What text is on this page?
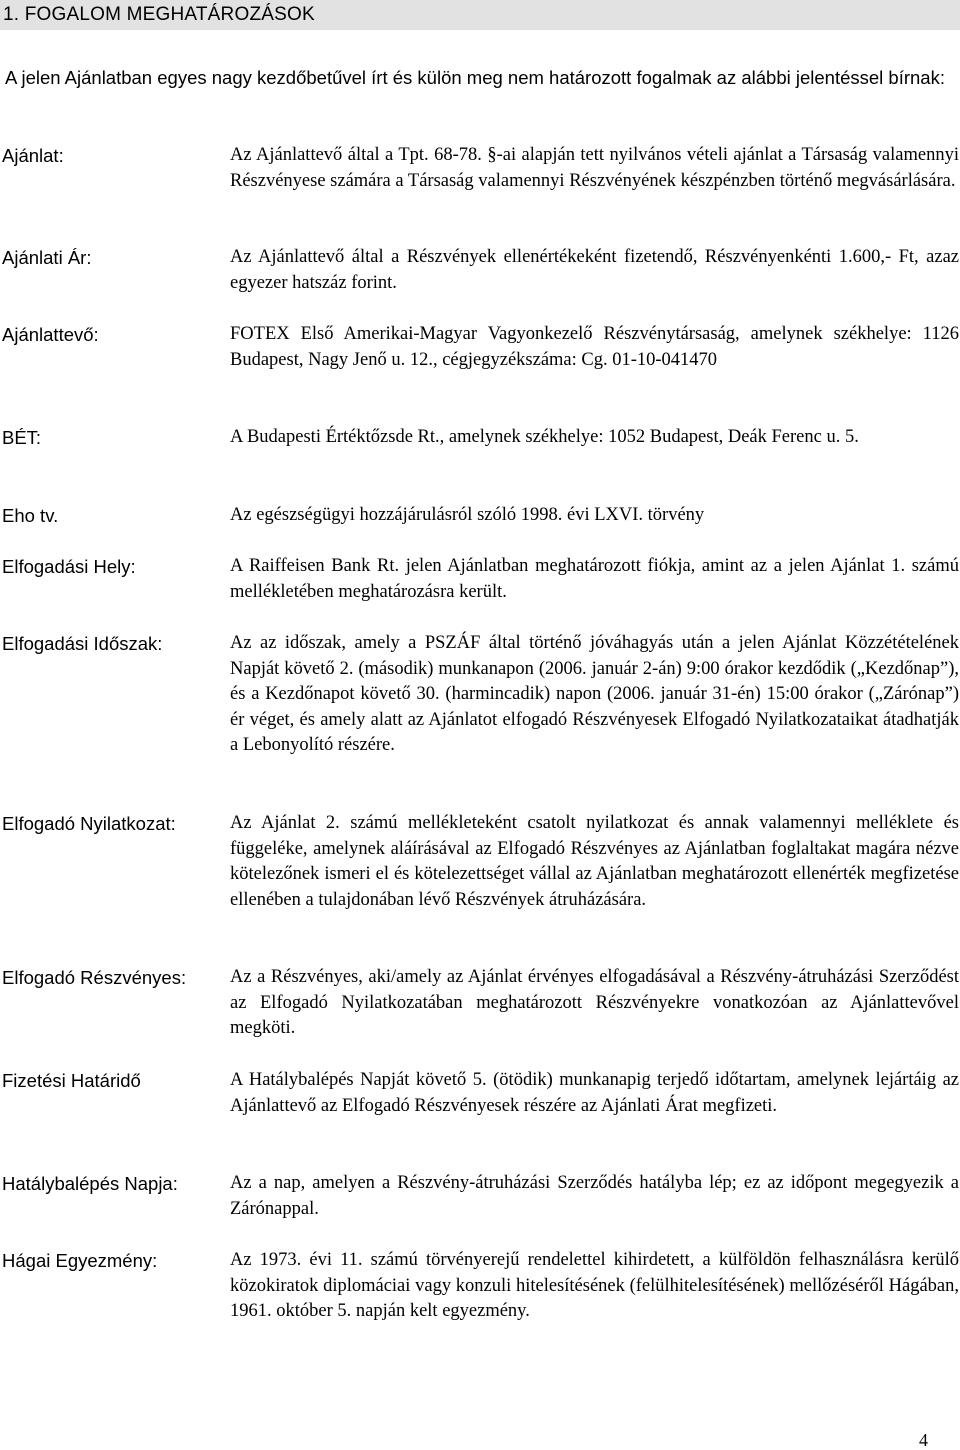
1. FOGALOM MEGHATÁROZÁSOK
A jelen Ajánlatban egyes nagy kezdőbetűvel írt és külön meg nem határozott fogalmak az alábbi jelentéssel bírnak:
Ajánlat:	Az Ajánlattevő által a Tpt. 68-78. §-ai alapján tett nyilvános vételi ajánlat a Társaság valamennyi Részvényese számára a Társaság valamennyi Részvényének készpénzben történő megvásárlására.
Ajánlati Ár:	Az Ajánlattevő által a Részvények ellenértékeként fizetendő, Részvényenkénti 1.600,- Ft, azaz egyezer hatszáz forint.
Ajánlattevő:	FOTEX Első Amerikai-Magyar Vagyonkezelő Részvénytársaság, amelynek székhelye: 1126 Budapest, Nagy Jenő u. 12., cégjegyzékszáma: Cg. 01-10-041470
BÉT:	A Budapesti Értéktőzsde Rt., amelynek székhelye: 1052 Budapest, Deák Ferenc u. 5.
Eho tv.	Az egészségügyi hozzájárulásról szóló 1998. évi LXVI. törvény
Elfogadási Hely:	A Raiffeisen Bank Rt. jelen Ajánlatban meghatározott fiókja, amint az a jelen Ajánlat 1. számú mellékletében meghatározásra került.
Elfogadási Időszak:	Az az időszak, amely a PSZÁF által történő jóváhagyás után a jelen Ajánlat Közzétételének Napját követő 2. (második) munkanapon (2006. január 2-án) 9:00 órakor kezdődik („Kezdőnap”), és a Kezdőnapot követő 30. (harmincadik) napon (2006. január 31-én) 15:00 órakor („Zárónap”) ér véget, és amely alatt az Ajánlatot elfogadó Részvényesek Elfogadó Nyilatkozataikat átadhatják a Lebonyolító részére.
Elfogadó Nyilatkozat:	Az Ajánlat 2. számú mellékleteként csatolt nyilatkozat és annak valamennyi melléklete és függeléke, amelynek aláírásával az Elfogadó Részvényes az Ajánlatban foglaltakat magára nézve kötelezőnek ismeri el és kötelezettséget vállal az Ajánlatban meghatározott ellenérték megfizetése ellenében a tulajdonában lévő Részvények átruházására.
Elfogadó Részvényes: Az a Részvényes, aki/amely az Ajánlat érvényes elfogadásával a Részvény-átruházási Szerződést az Elfogadó Nyilatkozatában meghatározott Részvényekre vonatkozóan az Ajánlattevővel megköti.
Fizetési Határidő	A Hatálybalépés Napját követő 5. (ötödik) munkanapig terjedő időtartam, amelynek lejártáig az Ajánlattevő az Elfogadó Részvényesek részére az Ajánlati Árat megfizeti.
Hatálybalépés Napja:	Az a nap, amelyen a Részvény-átruházási Szerződés hatályba lép; ez az időpont megegyezik a Zárónappal.
Hágai Egyezmény:	Az 1973. évi 11. számú törvényerejű rendelettel kihirdetett, a külföldön felhasználásra kerülő közokiratok diplomáciai vagy konzuli hitelesítésének (felülhitelesítésének) mellőzéséről Hágában, 1961. október 5. napján kelt egyezmény.
4
